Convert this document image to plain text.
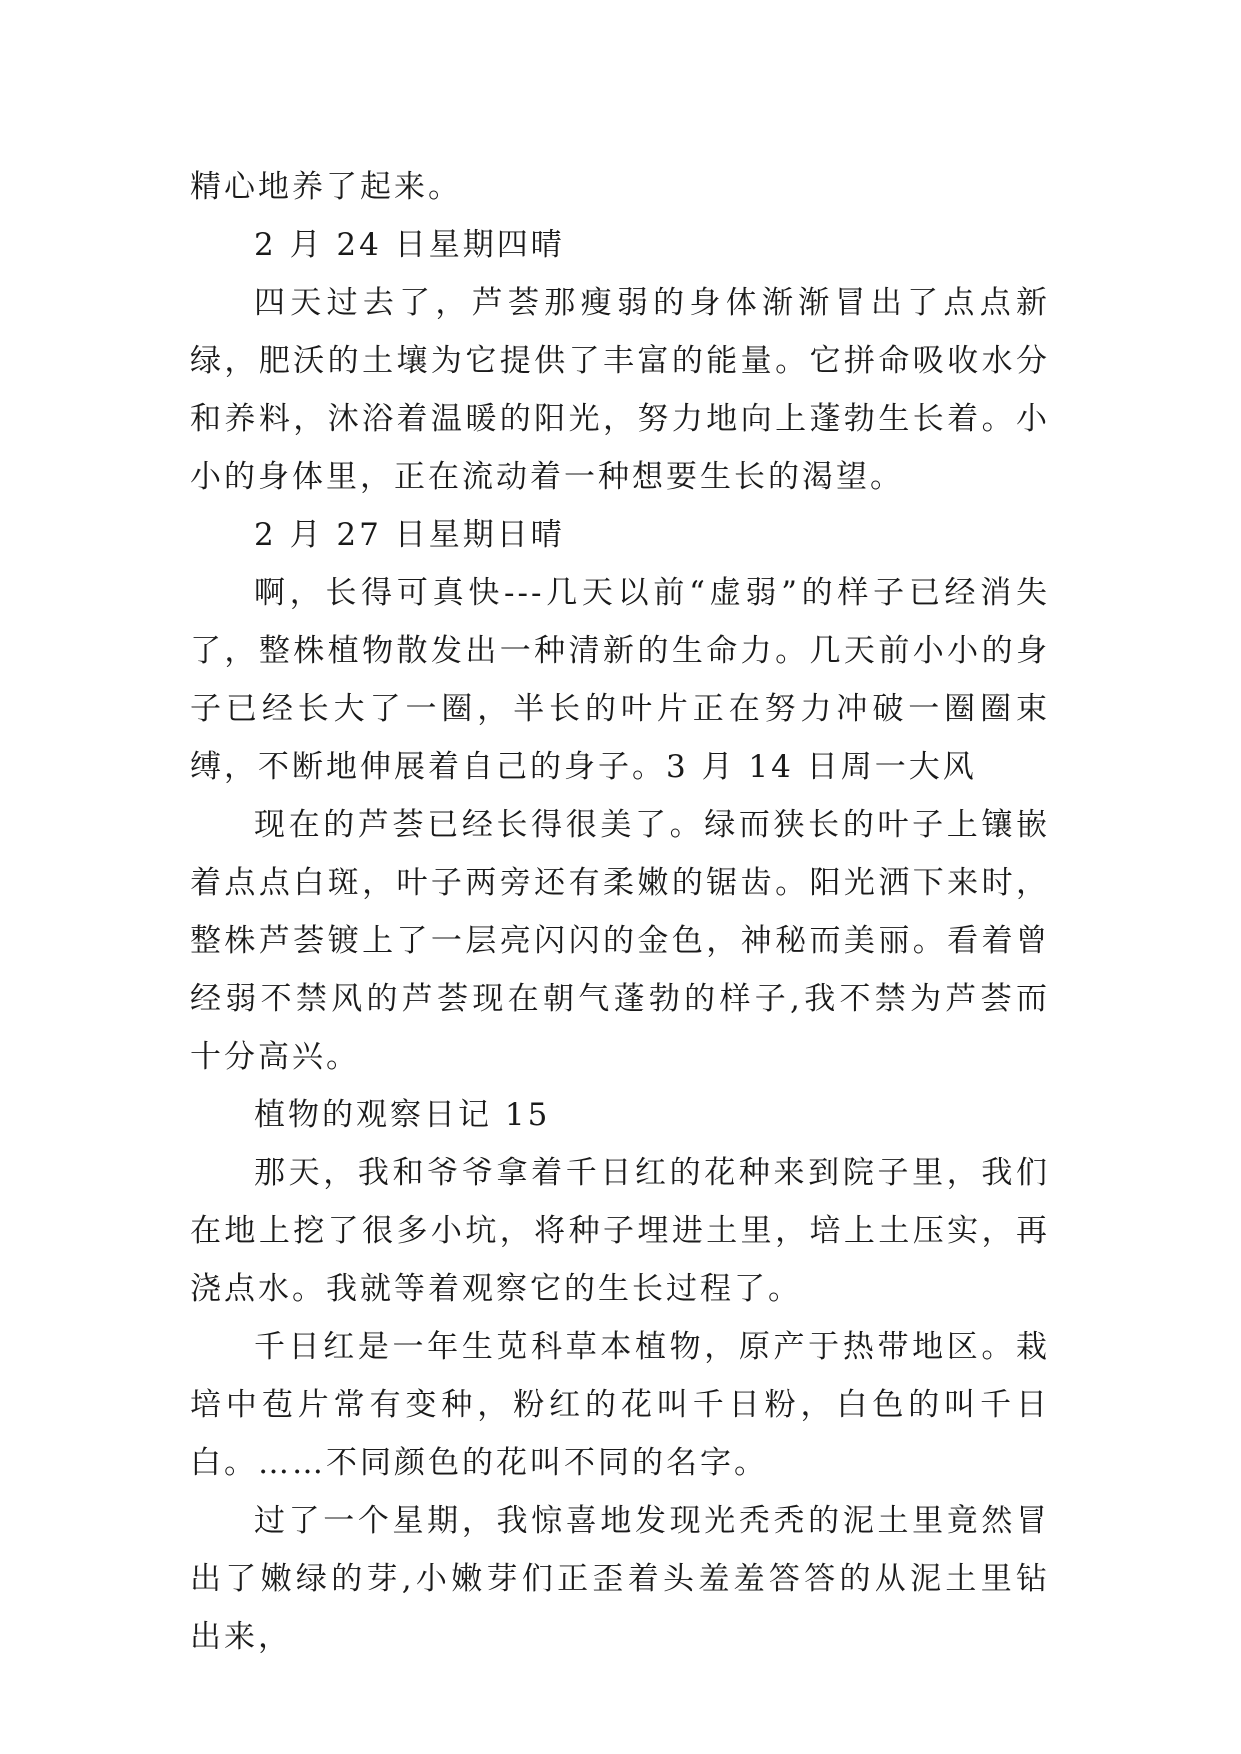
精心地养了起来。

2 月 24 日星期四晴

四天过去了，芦荟那瘦弱的身体渐渐冒出了点点新绿，肥沃的土壤为它提供了丰富的能量。它拼命吸收水分和养料，沐浴着温暖的阳光，努力地向上蓬勃生长着。小小的身体里，正在流动着一种想要生长的渴望。

2 月 27 日星期日晴

啊，长得可真快---几天以前“虚弱”的样子已经消失了，整株植物散发出一种清新的生命力。几天前小小的身子已经长大了一圈，半长的叶片正在努力冲破一圈圈束缚，不断地伸展着自己的身子。3 月 14 日周一大风

现在的芦荟已经长得很美了。绿而狭长的叶子上镶嵌着点点白斑，叶子两旁还有柔嫩的锯齿。阳光洒下来时，整株芦荟镀上了一层亮闪闪的金色，神秘而美丽。看着曾经弱不禁风的芦荟现在朝气蓬勃的样子,我不禁为芦荟而十分高兴。

植物的观察日记 15

那天，我和爷爷拿着千日红的花种来到院子里，我们在地上挖了很多小坑，将种子埋进土里，培上土压实，再浇点水。我就等着观察它的生长过程了。

千日红是一年生苋科草本植物，原产于热带地区。栽培中苞片常有变种，粉红的花叫千日粉，白色的叫千日白。……不同颜色的花叫不同的名字。

过了一个星期，我惊喜地发现光秃秃的泥土里竟然冒出了嫩绿的芽,小嫩芽们正歪着头羞羞答答的从泥土里钻出来，
